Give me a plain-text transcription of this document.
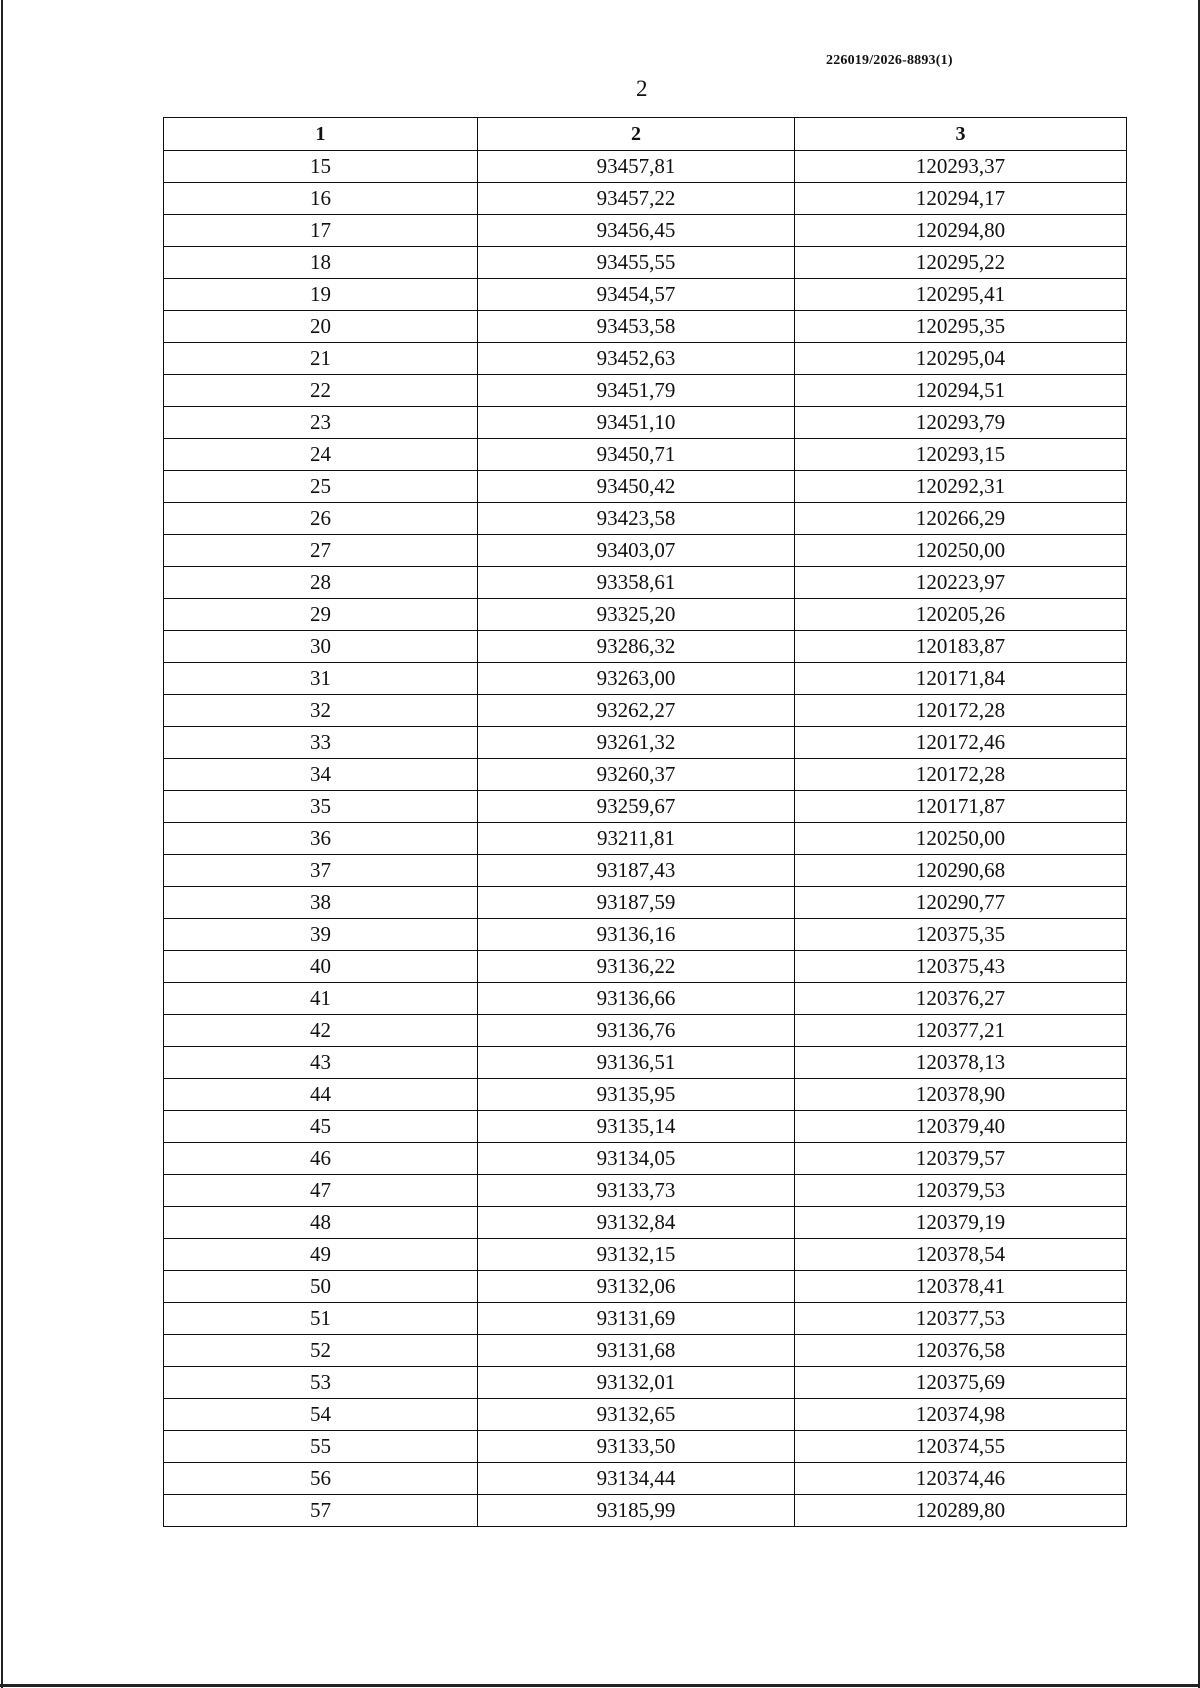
226019/2026-8893(1)
2
1	2	3
15	93457,81	120293,37
16	93457,22	120294,17
17	93456,45	120294,80
18	93455,55	120295,22
19	93454,57	120295,41
20	93453,58	120295,35
21	93452,63	120295,04
22	93451,79	120294,51
23	93451,10	120293,79
24	93450,71	120293,15
25	93450,42	120292,31
26	93423,58	120266,29
27	93403,07	120250,00
28	93358,61	120223,97
29	93325,20	120205,26
30	93286,32	120183,87
31	93263,00	120171,84
32	93262,27	120172,28
33	93261,32	120172,46
34	93260,37	120172,28
35	93259,67	120171,87
36	93211,81	120250,00
37	93187,43	120290,68
38	93187,59	120290,77
39	93136,16	120375,35
40	93136,22	120375,43
41	93136,66	120376,27
42	93136,76	120377,21
43	93136,51	120378,13
44	93135,95	120378,90
45	93135,14	120379,40
46	93134,05	120379,57
47	93133,73	120379,53
48	93132,84	120379,19
49	93132,15	120378,54
50	93132,06	120378,41
51	93131,69	120377,53
52	93131,68	120376,58
53	93132,01	120375,69
54	93132,65	120374,98
55	93133,50	120374,55
56	93134,44	120374,46
57	93185,99	120289,80
